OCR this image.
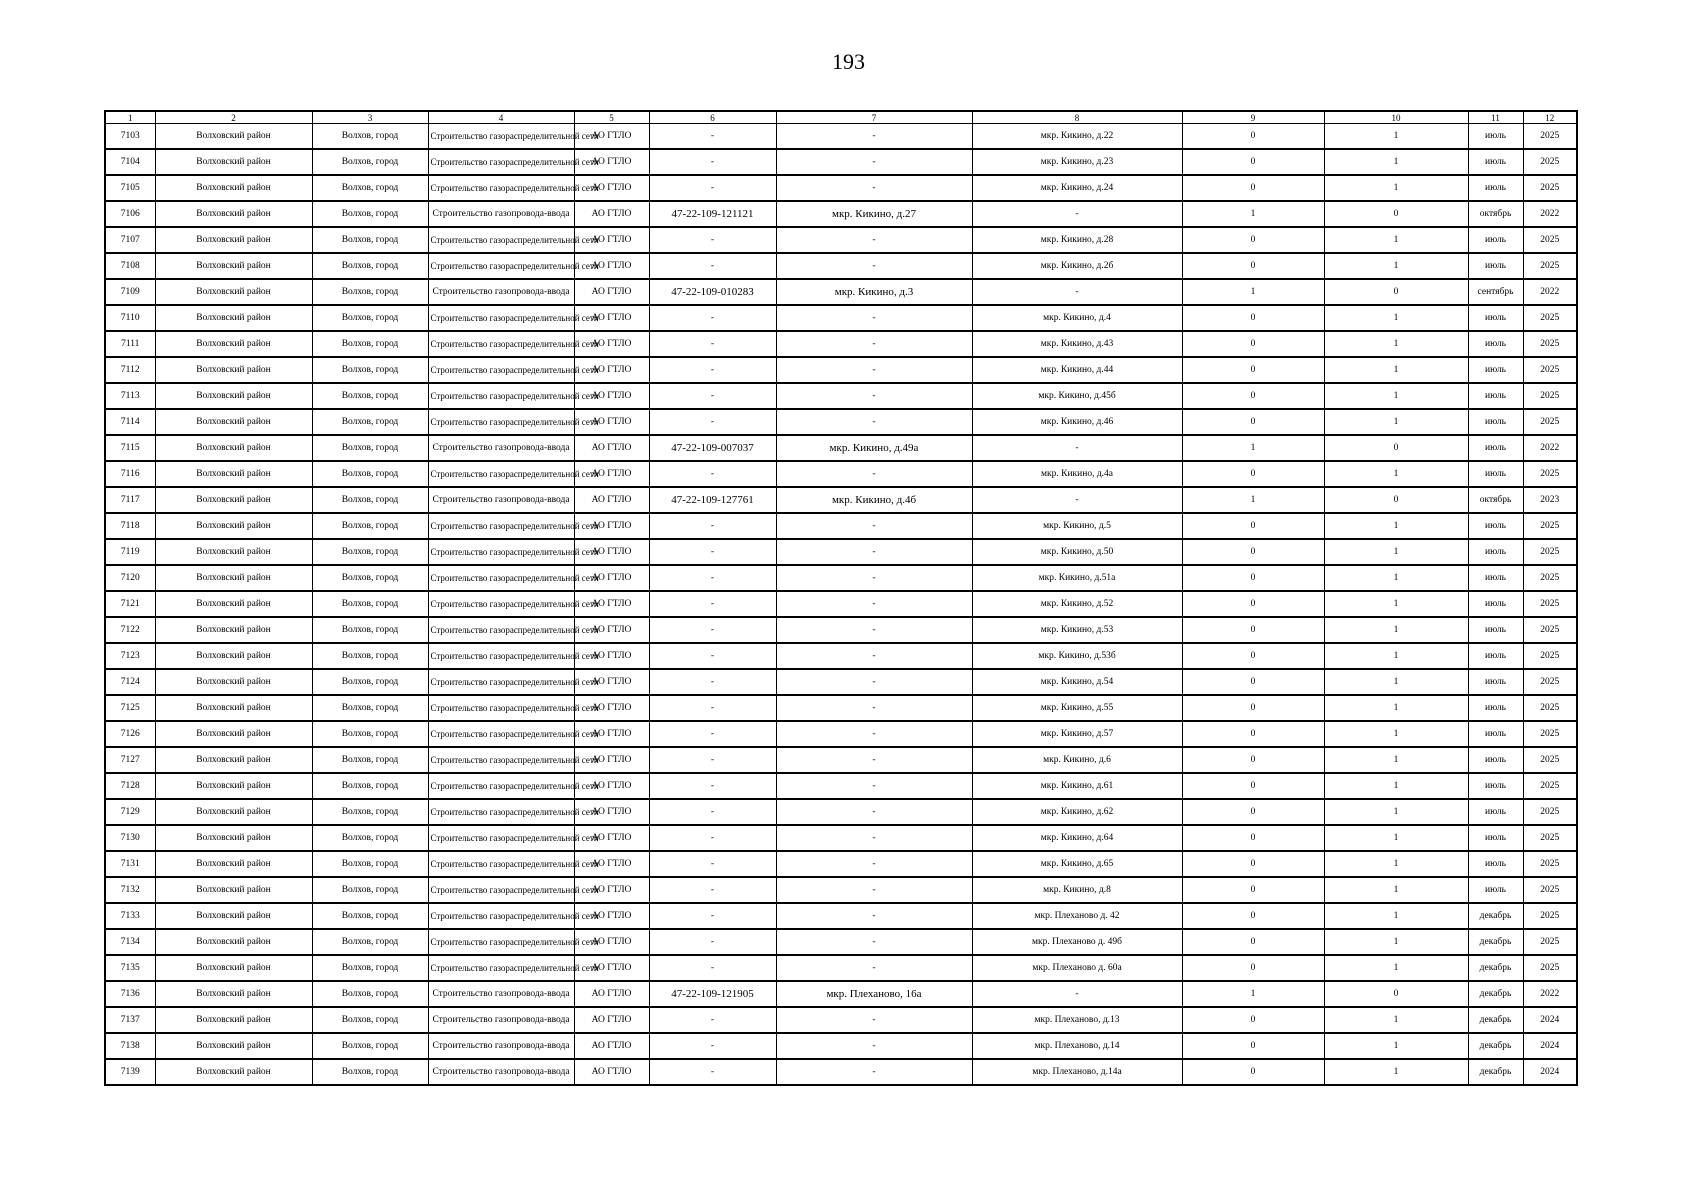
193
1	2	3	4	5	6	7	8	9	10	11	12
7103	Волховский район	Волхов, город	Строительство газораспределительной сети	АО ГТЛО	-	-	мкр. Кикино, д.22	0	1	июль	2025
7104	Волховский район	Волхов, город	Строительство газораспределительной сети	АО ГТЛО	-	-	мкр. Кикино, д.23	0	1	июль	2025
7105	Волховский район	Волхов, город	Строительство газораспределительной сети	АО ГТЛО	-	-	мкр. Кикино, д.24	0	1	июль	2025
7106	Волховский район	Волхов, город	Строительство газопровода-ввода	АО ГТЛО	47-22-109-121121	мкр. Кикино, д.27	-	1	0	октябрь	2022
7107	Волховский район	Волхов, город	Строительство газораспределительной сети	АО ГТЛО	-	-	мкр. Кикино, д.28	0	1	июль	2025
7108	Волховский район	Волхов, город	Строительство газораспределительной сети	АО ГТЛО	-	-	мкр. Кикино, д.2б	0	1	июль	2025
7109	Волховский район	Волхов, город	Строительство газопровода-ввода	АО ГТЛО	47-22-109-010283	мкр. Кикино, д.3	-	1	0	сентябрь	2022
7110	Волховский район	Волхов, город	Строительство газораспределительной сети	АО ГТЛО	-	-	мкр. Кикино, д.4	0	1	июль	2025
7111	Волховский район	Волхов, город	Строительство газораспределительной сети	АО ГТЛО	-	-	мкр. Кикино, д.43	0	1	июль	2025
7112	Волховский район	Волхов, город	Строительство газораспределительной сети	АО ГТЛО	-	-	мкр. Кикино, д.44	0	1	июль	2025
7113	Волховский район	Волхов, город	Строительство газораспределительной сети	АО ГТЛО	-	-	мкр. Кикино, д.45б	0	1	июль	2025
7114	Волховский район	Волхов, город	Строительство газораспределительной сети	АО ГТЛО	-	-	мкр. Кикино, д.46	0	1	июль	2025
7115	Волховский район	Волхов, город	Строительство газопровода-ввода	АО ГТЛО	47-22-109-007037	мкр. Кикино, д.49а	-	1	0	июль	2022
7116	Волховский район	Волхов, город	Строительство газораспределительной сети	АО ГТЛО	-	-	мкр. Кикино, д.4а	0	1	июль	2025
7117	Волховский район	Волхов, город	Строительство газопровода-ввода	АО ГТЛО	47-22-109-127761	мкр. Кикино, д.4б	-	1	0	октябрь	2023
7118	Волховский район	Волхов, город	Строительство газораспределительной сети	АО ГТЛО	-	-	мкр. Кикино, д.5	0	1	июль	2025
7119	Волховский район	Волхов, город	Строительство газораспределительной сети	АО ГТЛО	-	-	мкр. Кикино, д.50	0	1	июль	2025
7120	Волховский район	Волхов, город	Строительство газораспределительной сети	АО ГТЛО	-	-	мкр. Кикино, д.51а	0	1	июль	2025
7121	Волховский район	Волхов, город	Строительство газораспределительной сети	АО ГТЛО	-	-	мкр. Кикино, д.52	0	1	июль	2025
7122	Волховский район	Волхов, город	Строительство газораспределительной сети	АО ГТЛО	-	-	мкр. Кикино, д.53	0	1	июль	2025
7123	Волховский район	Волхов, город	Строительство газораспределительной сети	АО ГТЛО	-	-	мкр. Кикино, д.53б	0	1	июль	2025
7124	Волховский район	Волхов, город	Строительство газораспределительной сети	АО ГТЛО	-	-	мкр. Кикино, д.54	0	1	июль	2025
7125	Волховский район	Волхов, город	Строительство газораспределительной сети	АО ГТЛО	-	-	мкр. Кикино, д.55	0	1	июль	2025
7126	Волховский район	Волхов, город	Строительство газораспределительной сети	АО ГТЛО	-	-	мкр. Кикино, д.57	0	1	июль	2025
7127	Волховский район	Волхов, город	Строительство газораспределительной сети	АО ГТЛО	-	-	мкр. Кикино, д.6	0	1	июль	2025
7128	Волховский район	Волхов, город	Строительство газораспределительной сети	АО ГТЛО	-	-	мкр. Кикино, д.61	0	1	июль	2025
7129	Волховский район	Волхов, город	Строительство газораспределительной сети	АО ГТЛО	-	-	мкр. Кикино, д.62	0	1	июль	2025
7130	Волховский район	Волхов, город	Строительство газораспределительной сети	АО ГТЛО	-	-	мкр. Кикино, д.64	0	1	июль	2025
7131	Волховский район	Волхов, город	Строительство газораспределительной сети	АО ГТЛО	-	-	мкр. Кикино, д.65	0	1	июль	2025
7132	Волховский район	Волхов, город	Строительство газораспределительной сети	АО ГТЛО	-	-	мкр. Кикино, д.8	0	1	июль	2025
7133	Волховский район	Волхов, город	Строительство газораспределительной сети	АО ГТЛО	-	-	мкр. Плеханово д. 42	0	1	декабрь	2025
7134	Волховский район	Волхов, город	Строительство газораспределительной сети	АО ГТЛО	-	-	мкр. Плеханово д. 49б	0	1	декабрь	2025
7135	Волховский район	Волхов, город	Строительство газораспределительной сети	АО ГТЛО	-	-	мкр. Плеханово д. 60а	0	1	декабрь	2025
7136	Волховский район	Волхов, город	Строительство газопровода-ввода	АО ГТЛО	47-22-109-121905	мкр. Плеханово, 16а	-	1	0	декабрь	2022
7137	Волховский район	Волхов, город	Строительство газопровода-ввода	АО ГТЛО	-	-	мкр. Плеханово, д.13	0	1	декабрь	2024
7138	Волховский район	Волхов, город	Строительство газопровода-ввода	АО ГТЛО	-	-	мкр. Плеханово, д.14	0	1	декабрь	2024
7139	Волховский район	Волхов, город	Строительство газопровода-ввода	АО ГТЛО	-	-	мкр. Плеханово, д.14а	0	1	декабрь	2024
